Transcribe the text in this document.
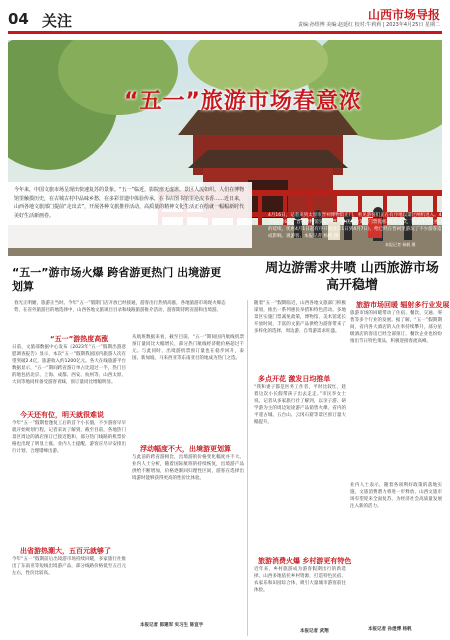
04 关注	山西市场导报
责编:孙煜博 美编:赵延红 校对:牛莉莉 | 2023年4月25日 星期二
“五一”旅游市场春意浓
今年来，中国文旅市场呈现出快速复苏的景象。“五一”临近，影院座无虚席，景区人流如织。人们在博物馆里触摸历史，在古城古村中品味乡愁，在多彩非遗中体验传承，在书店图书馆里逆流书香……近日来，山西各地文旅部门提前“走出去”，开展各种文旅推荐活动，高质量的精神文化生活正在绘就一幅幅新时代美好生活新画卷。	4月16日，记者来到太原市晋祠博物馆正门，看见游客们正在有序地以第过闸机进入。4月1日到6日，晋祠博物馆实行门票半价优惠政策，门票优惠30元/人次，随着各市优惠的延续，优惠4月1日起有序开放(4月1日到4月7日)，给已经在晋祠里游玩了不少游客造成影响。观游客，本报记者 杨帆 摄
本报记者 杨帆 摄
“五一”游市场火爆 跨省游更热门 出境游更划算
春光正明媚，旅游正当时。今年“五一”假期门店开放已经接通，游客出行热情高涨，各地旅游市场现火爆态势，在省外旅游目的地选择中，山西各地文旅项目目录和线路旅游推介活动，游客期待跨省游和出境游。
“五一”游热度高涨
日前，文旅部数据中心发布《2023年“五一”假期出游意愿调查报告》显示，本次“五一”假期我国国内旅游人次有望突破2.4亿，旅游收入约1200亿元。各大在线旅游平台数据显示，“五一”期间跨省游订单占比超过一半，热门目的地包括北京、上海、成都、西安、杭州等，山西太原、大同等地同样备受游客青睐，预订量同比增幅明显。
今天还有位，明天就很难说
今年“五一”假期恰逢复工后的首个小长假，不少游客早早就开始规划行程。记者采访了解到，截至目前，各地热门景区周边的酒店预订已接近饱和，部分热门线路的机票价格也出现了明显上涨。业内人士提醒，游客应尽早安排出行计划，合理错峰出游。
出省游热潮大，五百元就够了
今年“五一”假期前后出境游市场持续回暖，多家旅行社推出了东南亚等短线出境游产品，部分线路价格低至五百元左右，性价比较高。
从航班数据来看，截至目前，“五一”期间国内航线机票预订量同比大幅增长，部分热门航线经济舱价格超过千元。与此同时，出境游机票预订量也在稳步回升，泰国、新加坡、马来西亚等东南亚目的地成为热门之选。
浮动幅度不大，出境游更划算
与此前的跨省游相比，出境游的价格变化幅度并不大。业内人士分析，随着国际航班的持续恢复，出境游产品供给不断增加，价格逐渐回归理性区间，游客在选择出境游时能够获得更高的性价比体验。
本报记者 郎建军 实习生 陈宣宇
周边游需求井喷 山西旅游市场高开稳增
随着“五一”假期临近，山西各地文旅部门积极谋划，推出一系列惠民举措和特色活动。多地景区实施门票减免政策，博物馆、美术馆延长开放时间，丰富的文旅产品供给为游客带来了多样化的选择，周边游、自驾游需求旺盛。
多点开花 激发日均推单
“我和妻子都是医务工作者，平时比较忙，趁着这次小长假带孩子出去走走。”市民李女士说。记者从多家旅行社了解到，以亲子游、研学游为主的周边短途游产品销售火爆，省内的平遥古城、五台山、云冈石窟等景区预订量大幅提升。
旅游消费火爆 乡村游更有特色
近年来，乡村旅游成为游客假期出行的新选择。山西多地依托乡村资源，打造特色民宿、农家乐和田园综合体，吸引大量城市游客前往体验。
本报记者 武翔
旅游市场回暖 辐射多行业发展
旅游市场的回暖带动了住宿、餐饮、交通、零售等多个行业的发展。据了解，“五一”假期期间，省内各大酒店的入住率持续攀升，部分星级酒店的客房已经全部预订，餐饮企业也纷纷推出节日特色菜品，积极迎接客流高峰。
业内人士表示，随着各项利好政策的落地实施，文旅消费潜力将进一步释放，山西文旅市场有望迎来全面复苏，为经济社会高质量发展注入新的活力。
本报记者 孙煜博 杨帆
